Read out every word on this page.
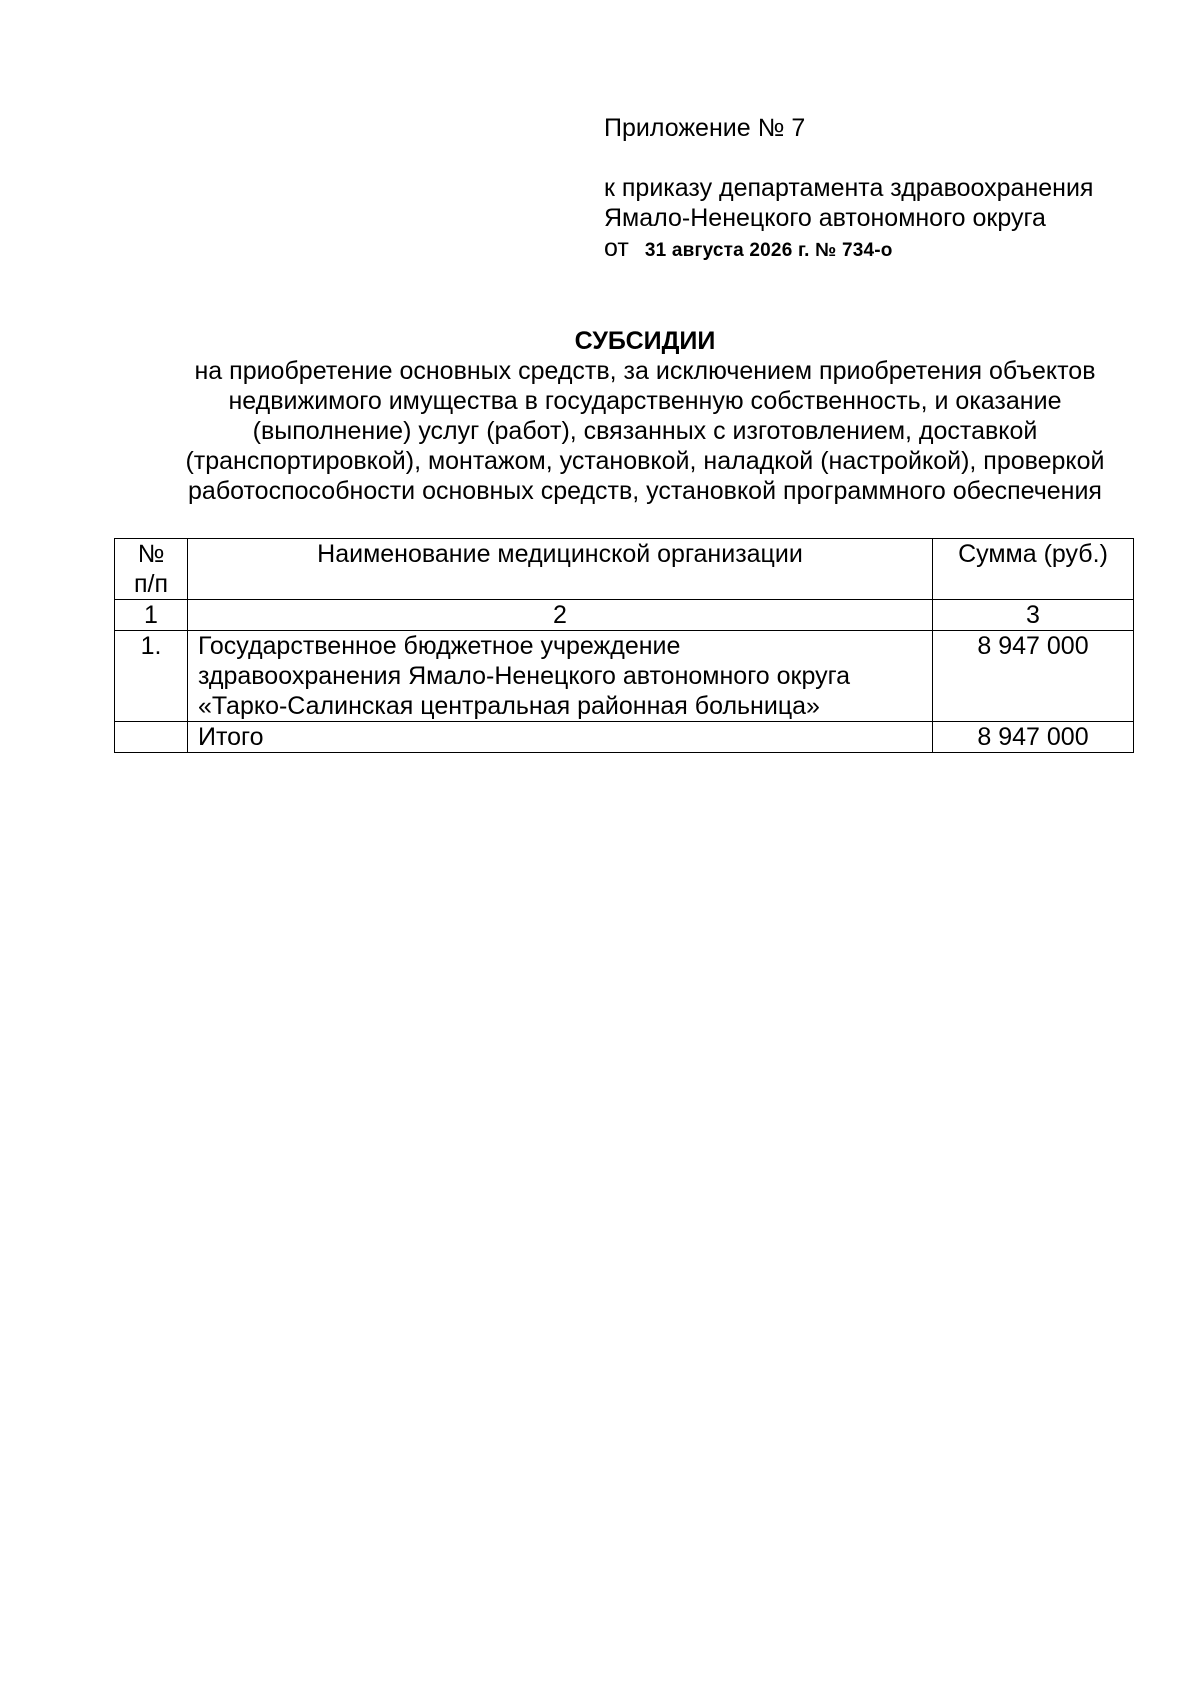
Приложение № 7
к приказу департамента здравоохранения
Ямало-Ненецкого автономного округа
от 31 августа 2026 г. № 734-о
СУБСИДИИ
на приобретение основных средств, за исключением приобретения объектов
недвижимого имущества в государственную собственность, и оказание
(выполнение) услуг (работ), связанных с изготовлением, доставкой
(транспортировкой), монтажом, установкой, наладкой (настройкой), проверкой
работоспособности основных средств, установкой программного обеспечения
№
п/п	Наименование медицинской организации	Сумма (руб.)
1	2	3
1.	Государственное бюджетное учреждение
здравоохранения Ямало-Ненецкого автономного округа
«Тарко-Салинская центральная районная больница»	8 947 000
	Итого	8 947 000
